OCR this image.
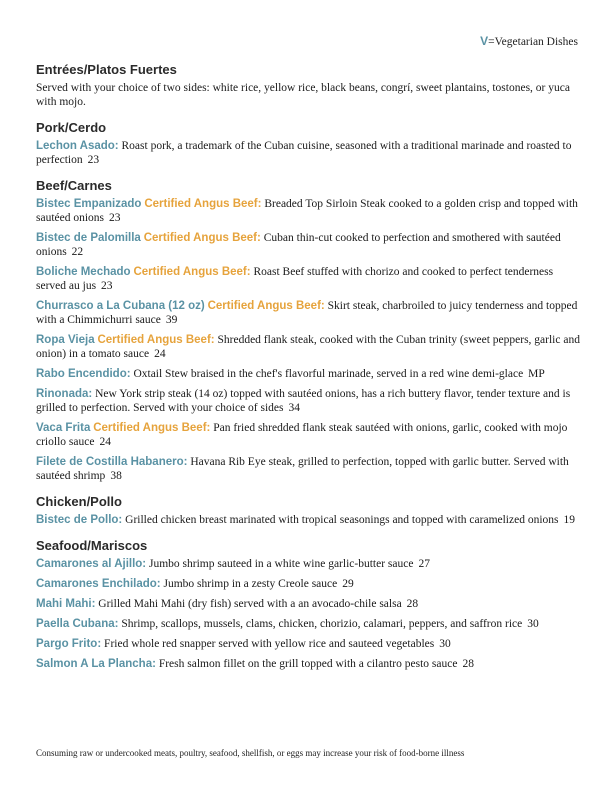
V=Vegetarian Dishes
Entrées/Platos Fuertes
Served with your choice of two sides: white rice, yellow rice, black beans, congrí, sweet plantains, tostones, or yuca with mojo.
Pork/Cerdo
Lechon Asado: Roast pork, a trademark of the Cuban cuisine, seasoned with a traditional marinade and roasted to perfection 23
Beef/Carnes
Bistec Empanizado Certified Angus Beef: Breaded Top Sirloin Steak cooked to a golden crisp and topped with sautéed onions 23
Bistec de Palomilla Certified Angus Beef: Cuban thin-cut cooked to perfection and smothered with sautéed onions 22
Boliche Mechado Certified Angus Beef: Roast Beef stuffed with chorizo and cooked to perfect tenderness served au jus 23
Churrasco a La Cubana (12 oz) Certified Angus Beef: Skirt steak, charbroiled to juicy tenderness and topped with a Chimmichurri sauce 39
Ropa Vieja Certified Angus Beef: Shredded flank steak, cooked with the Cuban trinity (sweet peppers, garlic and onion) in a tomato sauce 24
Rabo Encendido: Oxtail Stew braised in the chef's flavorful marinade, served in a red wine demi-glace MP
Rinonada: New York strip steak (14 oz) topped with sautéed onions, has a rich buttery flavor, tender texture and is grilled to perfection. Served with your choice of sides 34
Vaca Frita Certified Angus Beef: Pan fried shredded flank steak sautéed with onions, garlic, cooked with mojo criollo sauce 24
Filete de Costilla Habanero: Havana Rib Eye steak, grilled to perfection, topped with garlic butter. Served with sautéed shrimp 38
Chicken/Pollo
Bistec de Pollo: Grilled chicken breast marinated with tropical seasonings and topped with caramelized onions 19
Seafood/Mariscos
Camarones al Ajillo: Jumbo shrimp sauteed in a white wine garlic-butter sauce 27
Camarones Enchilado: Jumbo shrimp in a zesty Creole sauce 29
Mahi Mahi: Grilled Mahi Mahi (dry fish) served with a an avocado-chile salsa 28
Paella Cubana: Shrimp, scallops, mussels, clams, chicken, chorizio, calamari, peppers, and saffron rice 30
Pargo Frito: Fried whole red snapper served with yellow rice and sauteed vegetables 30
Salmon A La Plancha: Fresh salmon fillet on the grill topped with a cilantro pesto sauce 28
Consuming raw or undercooked meats, poultry, seafood, shellfish, or eggs may increase your risk of food-borne illness
